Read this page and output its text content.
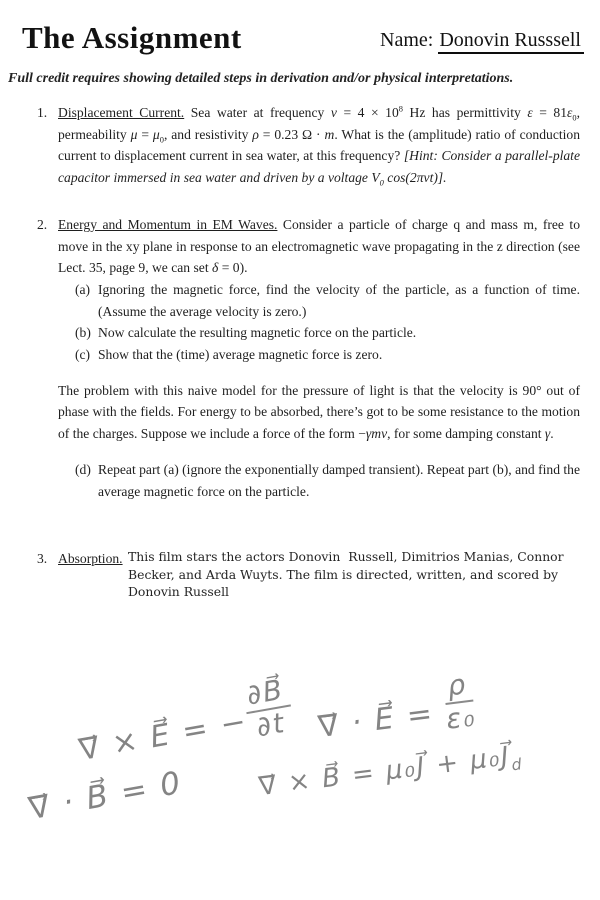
The Assignment	Name: Donovin Russsell
Full credit requires showing detailed steps in derivation and/or physical interpretations.
1. Displacement Current. Sea water at frequency $\nu = 4 \times 10^8$ Hz has permittivity $\varepsilon = 81\varepsilon_0$, permeability $\mu = \mu_0$, and resistivity ρ = 0.23 Ω · m. What is the (amplitude) ratio of conduction current to displacement current in sea water, at this frequency? [Hint: Consider a parallel-plate capacitor immersed in sea water and driven by a voltage $V_0$ cos(2πνt)].
2. Energy and Momentum in EM Waves. Consider a particle of charge q and mass m, free to move in the xy plane in response to an electromagnetic wave propagating in the z direction (see Lect. 35, page 9, we can set δ = 0).
(a) Ignoring the magnetic force, find the velocity of the particle, as a function of time. (Assume the average velocity is zero.)
(b) Now calculate the resulting magnetic force on the particle.
(c) Show that the (time) average magnetic force is zero.
The problem with this naive model for the pressure of light is that the velocity is 90° out of phase with the fields. For energy to be absorbed, there’s got to be some resistance to the motion of the charges. Suppose we include a force of the form −γmv, for some damping constant γ.
(d) Repeat part (a) (ignore the exponentially damped transient). Repeat part (b), and find the average magnetic force on the particle.
3. Absorption. This film stars the actors Donovin  Russell, Dimitrios Manias, Connor
Becker, and Arda Wuyts. The film is directed, written, and scored by
Donovin Russell
∇⃗ × E⃗ = −
$\frac{\partial B⃗}{\partial t}$ ∇⃗ · E⃗ =
$\frac{\rho}{\text{ε₀}}$
∇⃗ · B⃗ = 0	∇⃗ × B⃗ = μ₀J⃗ + $\mu_0J⃗_d$
